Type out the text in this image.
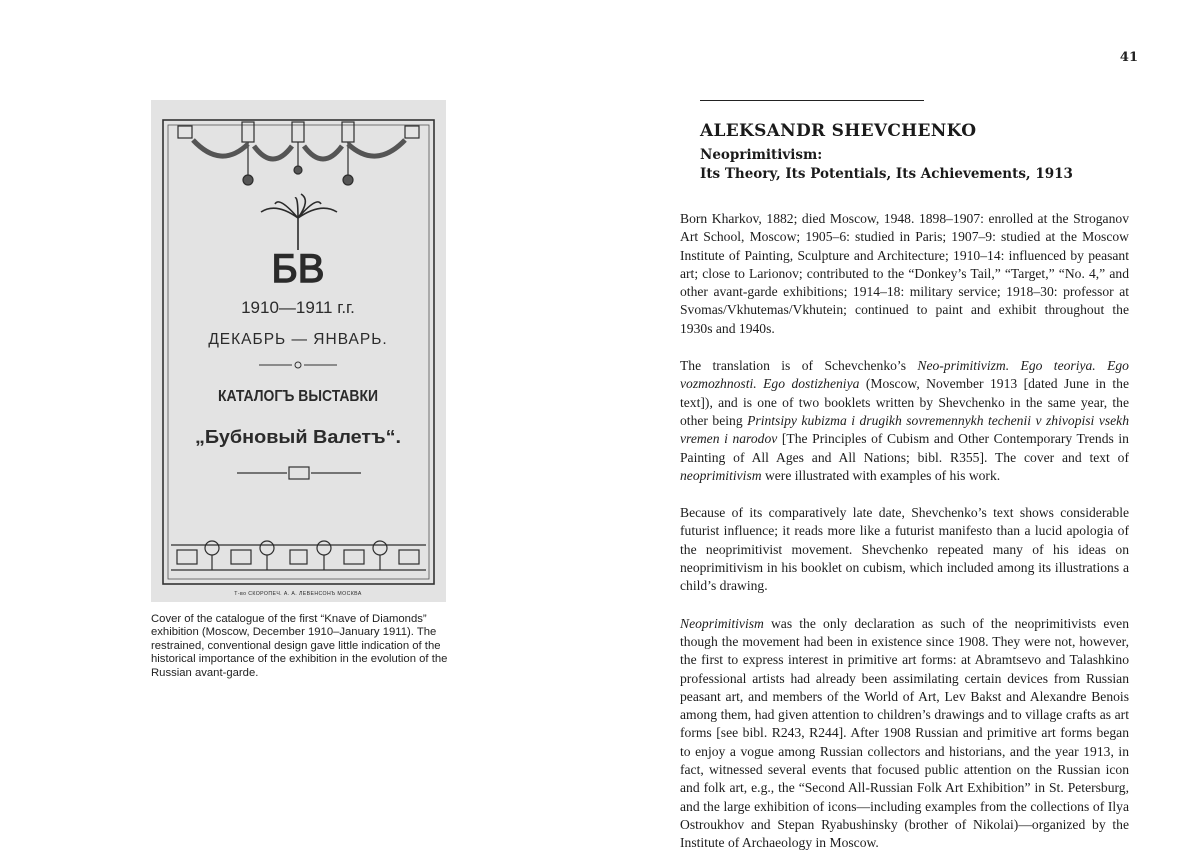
41
БВ
1910—1911 г.г.
ДЕКАБРЬ — ЯНВАРЬ.
КАТАЛОГЪ ВЫСТАВКИ
„Бубновый Валетъ“.
Т-во СКОРОПЕЧ. А. А. ЛЕВЕНСОНЪ МОСКВА
Cover of the catalogue of the first “Knave of Diamonds” exhibition (Moscow, December 1910–January 1911). The restrained, conventional design gave little indication of the historical importance of the exhibition in the evolution of the Russian avant-garde.
ALEKSANDR SHEVCHENKO
Neoprimitivism:
Its Theory, Its Potentials, Its Achievements, 1913

Born Kharkov, 1882; died Moscow, 1948. 1898–1907: enrolled at the Stroganov Art School, Moscow; 1905–6: studied in Paris; 1907–9: studied at the Moscow Institute of Painting, Sculpture and Architecture; 1910–14: influenced by peasant art; close to Larionov; contributed to the “Donkey’s Tail,” “Target,” “No. 4,” and other avant-garde exhibitions; 1914–18: military service; 1918–30: professor at Svomas/Vkhutemas/Vkhutein; continued to paint and exhibit throughout the 1930s and 1940s.

The translation is of Schevchenko’s Neo-primitivizm. Ego teoriya. Ego vozmozhnosti. Ego dostizheniya (Moscow, November 1913 [dated June in the text]), and is one of two booklets written by Shevchenko in the same year, the other being Printsipy kubizma i drugikh sovremennykh techenii v zhivopisi vsekh vremen i narodov [The Principles of Cubism and Other Contemporary Trends in Painting of All Ages and All Nations; bibl. R355]. The cover and text of neoprimitivism were illustrated with examples of his work.

Because of its comparatively late date, Shevchenko’s text shows considerable futurist influence; it reads more like a futurist manifesto than a lucid apologia of the neoprimitivist movement. Shevchenko repeated many of his ideas on neoprimitivism in his booklet on cubism, which included among its illustrations a child’s drawing.

Neoprimitivism was the only declaration as such of the neoprimitivists even though the movement had been in existence since 1908. They were not, however, the first to express interest in primitive art forms: at Abramtsevo and Talashkino professional artists had already been assimilating certain devices from Russian peasant art, and members of the World of Art, Lev Bakst and Alexandre Benois among them, had given attention to children’s drawings and to village crafts as art forms [see bibl. R243, R244]. After 1908 Russian and primitive art forms began to enjoy a vogue among Russian collectors and historians, and the year 1913, in fact, witnessed several events that focused public attention on the Russian icon and folk art, e.g., the “Second All-Russian Folk Art Exhibition” in St. Petersburg, and the large exhibition of icons—including examples from the collections of Ilya Ostroukhov and Stepan Ryabushinsky (brother of Nikolai)—organized by the Institute of Archaeology in Moscow.
